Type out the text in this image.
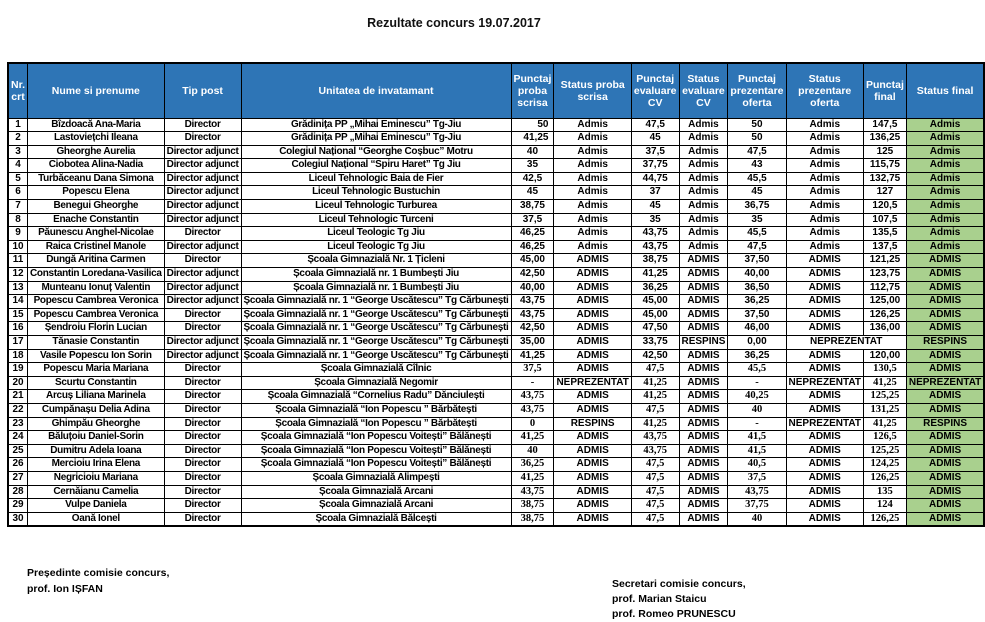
Rezultate concurs 19.07.2017
Nr. crt	Nume si prenume	Tip post	Unitatea de invatamant	Punctaj proba scrisa	Status proba scrisa	Punctaj evaluare CV	Status evaluare CV	Punctaj prezentare oferta	Status prezentare oferta	Punctaj final	Status final
1	Bîzdoacă Ana-Maria	Director	Grădinița PP „Mihai Eminescu” Tg-Jiu	50	Admis	47,5	Admis	50	Admis	147,5	Admis
2	Lastoviețchi Ileana	Director	Grădinița PP „Mihai Eminescu” Tg-Jiu	41,25	Admis	45	Admis	50	Admis	136,25	Admis
3	Gheorghe Aurelia	Director adjunct	Colegiul Național “Georghe Coșbuc” Motru	40	Admis	37,5	Admis	47,5	Admis	125	Admis
4	Ciobotea Alina-Nadia	Director adjunct	Colegiul Național “Spiru Haret” Tg Jiu	35	Admis	37,75	Admis	43	Admis	115,75	Admis
5	Turbăceanu Dana Simona	Director adjunct	Liceul Tehnologic Baia de Fier	42,5	Admis	44,75	Admis	45,5	Admis	132,75	Admis
6	Popescu Elena	Director adjunct	Liceul Tehnologic Bustuchin	45	Admis	37	Admis	45	Admis	127	Admis
7	Benegui Gheorghe	Director adjunct	Liceul Tehnologic Turburea	38,75	Admis	45	Admis	36,75	Admis	120,5	Admis
8	Enache Constantin	Director adjunct	Liceul Tehnologic Turceni	37,5	Admis	35	Admis	35	Admis	107,5	Admis
9	Păunescu Anghel-Nicolae	Director	Liceul Teologic Tg Jiu	46,25	Admis	43,75	Admis	45,5	Admis	135,5	Admis
10	Raica Cristinel Manole	Director adjunct	Liceul Teologic Tg Jiu	46,25	Admis	43,75	Admis	47,5	Admis	137,5	Admis
11	Dungă Aritina Carmen	Director	Școala Gimnazială Nr. 1 Țicleni	45,00	ADMIS	38,75	ADMIS	37,50	ADMIS	121,25	ADMIS
12	Constantin Loredana-Vasilica	Director adjunct	Școala Gimnazială nr. 1 Bumbești Jiu	42,50	ADMIS	41,25	ADMIS	40,00	ADMIS	123,75	ADMIS
13	Munteanu Ionuț Valentin	Director adjunct	Școala Gimnazială nr. 1 Bumbești Jiu	40,00	ADMIS	36,25	ADMIS	36,50	ADMIS	112,75	ADMIS
14	Popescu Cambrea Veronica	Director adjunct	Școala Gimnazială nr. 1 “George Uscătescu” Tg Cărbunești	43,75	ADMIS	45,00	ADMIS	36,25	ADMIS	125,00	ADMIS
15	Popescu Cambrea Veronica	Director	Școala Gimnazială nr. 1 “George Uscătescu” Tg Cărbunești	43,75	ADMIS	45,00	ADMIS	37,50	ADMIS	126,25	ADMIS
16	Șendroiu Florin Lucian	Director	Școala Gimnazială nr. 1 “George Uscătescu” Tg Cărbunești	42,50	ADMIS	47,50	ADMIS	46,00	ADMIS	136,00	ADMIS
17	Tănasie Constantin	Director adjunct	Școala Gimnazială nr. 1 “George Uscătescu” Tg Cărbunești	35,00	ADMIS	33,75	RESPINS	0,00	NEPREZENTAT		RESPINS
18	Vasile Popescu Ion Sorin	Director adjunct	Școala Gimnazială nr. 1 “George Uscătescu” Tg Cărbunești	41,25	ADMIS	42,50	ADMIS	36,25	ADMIS	120,00	ADMIS
19	Popescu Maria Mariana	Director	Școala Gimnazială Cîlnic	37,5	ADMIS	47,5	ADMIS	45,5	ADMIS	130,5	ADMIS
20	Scurtu Constantin	Director	Școala Gimnazială Negomir	-	NEPREZENTAT	41,25	ADMIS	-	NEPREZENTAT	41,25	NEPREZENTAT
21	Arcuș Liliana Marinela	Director	Școala Gimnazială “Cornelius Radu” Dănciulești	43,75	ADMIS	41,25	ADMIS	40,25	ADMIS	125,25	ADMIS
22	Cumpănașu Delia Adina	Director	Școala Gimnazială “Ion Popescu ” Bărbătești	43,75	ADMIS	47,5	ADMIS	40	ADMIS	131,25	ADMIS
23	Ghimpău Gheorghe	Director	Școala Gimnazială “Ion Popescu ” Bărbătești	0	RESPINS	41,25	ADMIS	-	NEPREZENTAT	41,25	RESPINS
24	Băluțoiu Daniel-Sorin	Director	Școala Gimnazială “Ion Popescu Voitești” Bălănești	41,25	ADMIS	43,75	ADMIS	41,5	ADMIS	126,5	ADMIS
25	Dumitru Adela Ioana	Director	Școala Gimnazială “Ion Popescu Voitești” Bălănești	40	ADMIS	43,75	ADMIS	41,5	ADMIS	125,25	ADMIS
26	Mercioiu Irina Elena	Director	Școala Gimnazială “Ion Popescu Voitești” Bălănești	36,25	ADMIS	47,5	ADMIS	40,5	ADMIS	124,25	ADMIS
27	Negricioiu Mariana	Director	Școala Gimnazială Alimpești	41,25	ADMIS	47,5	ADMIS	37,5	ADMIS	126,25	ADMIS
28	Cernăianu Camelia	Director	Școala Gimnazială Arcani	43,75	ADMIS	47,5	ADMIS	43,75	ADMIS	135	ADMIS
29	Vulpe Daniela	Director	Școala Gimnazială Arcani	38,75	ADMIS	47,5	ADMIS	37,75	ADMIS	124	ADMIS
30	Oană Ionel	Director	Școala Gimnazială Bălcești	38,75	ADMIS	47,5	ADMIS	40	ADMIS	126,25	ADMIS
Președinte comisie concurs,
prof. Ion IȘFAN	Secretari comisie concurs,
prof. Marian Staicu
prof. Romeo PRUNESCU
